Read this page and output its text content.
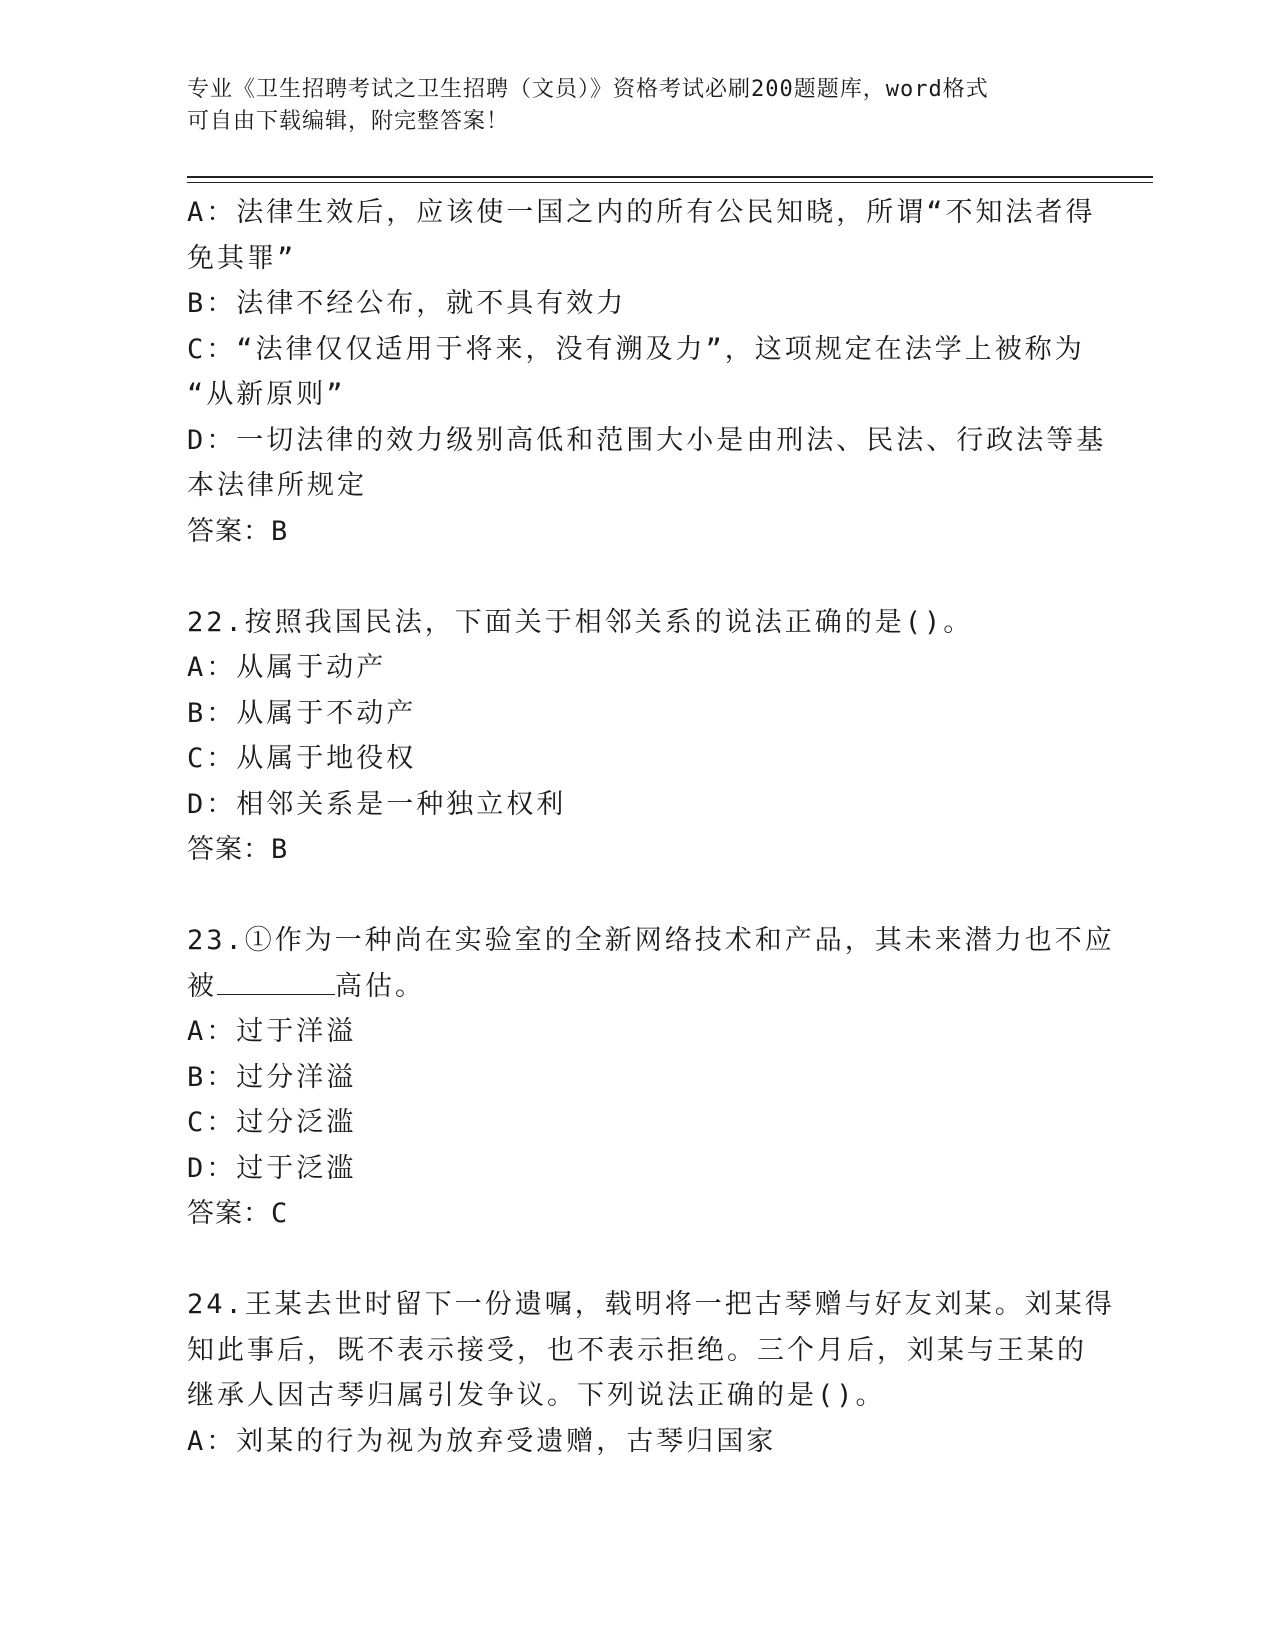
专业《卫生招聘考试之卫生招聘（文员）》资格考试必刷200题题库，word格式
可自由下载编辑，附完整答案！
A：法律生效后，应该使一国之内的所有公民知晓，所谓“不知法者得
免其罪”
B：法律不经公布，就不具有效力
C：“法律仅仅适用于将来，没有溯及力”，这项规定在法学上被称为
“从新原则”
D：一切法律的效力级别高低和范围大小是由刑法、民法、行政法等基
本法律所规定
答案：B
22.按照我国民法，下面关于相邻关系的说法正确的是()。
A：从属于动产
B：从属于不动产
C：从属于地役权
D：相邻关系是一种独立权利
答案：B
23.①作为一种尚在实验室的全新网络技术和产品，其未来潜力也不应
被	高估。
A：过于洋溢
B：过分洋溢
C：过分泛滥
D：过于泛滥
答案：C
24.王某去世时留下一份遗嘱，载明将一把古琴赠与好友刘某。刘某得
知此事后，既不表示接受，也不表示拒绝。三个月后，刘某与王某的
继承人因古琴归属引发争议。下列说法正确的是()。
A：刘某的行为视为放弃受遗赠，古琴归国家
